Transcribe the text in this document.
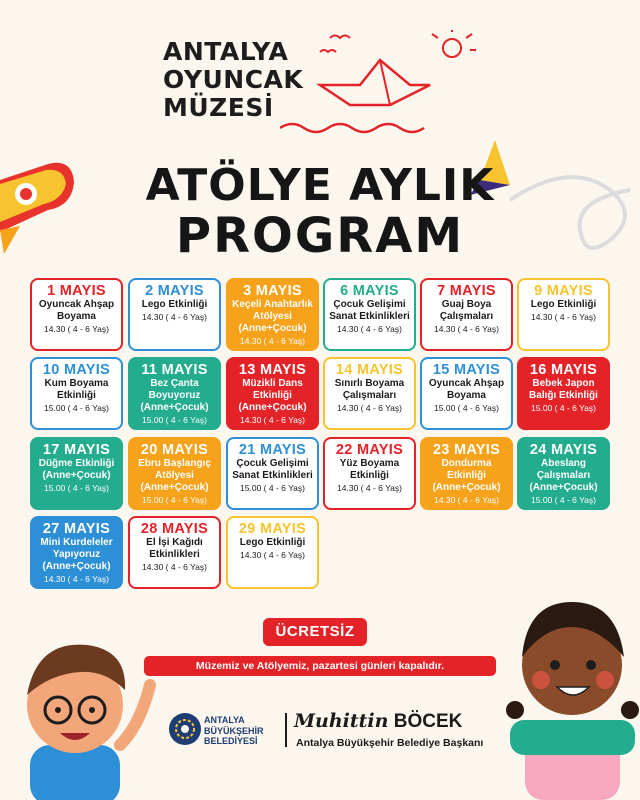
ANTALYA
OYUNCAK
MÜZESİ
ATÖLYE AYLIK
PROGRAM
1 MAYIS
Oyuncak Ahşap Boyama
14.30 ( 4 - 6 Yaş)
2 MAYIS
Lego Etkinliği
14.30 ( 4 - 6 Yaş)
3 MAYIS
Keçeli Anahtarlık Atölyesi (Anne+Çocuk)
14.30 ( 4 - 6 Yaş)
6 MAYIS
Çocuk Gelişimi Sanat Etkinlikleri
14.30 ( 4 - 6 Yaş)
7 MAYIS
Guaj Boya Çalışmaları
14.30 ( 4 - 6 Yaş)
9 MAYIS
Lego Etkinliği
14.30 ( 4 - 6 Yaş)
10 MAYIS
Kum Boyama Etkinliği
15.00 ( 4 - 6 Yaş)
11 MAYIS
Bez Çanta Boyuyoruz (Anne+Çocuk)
15.00 ( 4 - 6 Yaş)
13 MAYIS
Müzikli Dans Etkinliği (Anne+Çocuk)
14.30 ( 4 - 6 Yaş)
14 MAYIS
Sınırlı Boyama Çalışmaları
14.30 ( 4 - 6 Yaş)
15 MAYIS
Oyuncak Ahşap Boyama
15.00 ( 4 - 6 Yaş)
16 MAYIS
Bebek Japon Balığı Etkinliği
15.00 ( 4 - 6 Yaş)
17 MAYIS
Düğme Etkinliği (Anne+Çocuk)
15.00 ( 4 - 6 Yaş)
20 MAYIS
Ebru Başlangıç Atölyesi (Anne+Çocuk)
15.00 ( 4 - 6 Yaş)
21 MAYIS
Çocuk Gelişimi Sanat Etkinlikleri
15.00 ( 4 - 6 Yaş)
22 MAYIS
Yüz Boyama Etkinliği
14.30 ( 4 - 6 Yaş)
23 MAYIS
Dondurma Etkinliği (Anne+Çocuk)
14.30 ( 4 - 6 Yaş)
24 MAYIS
Abeslang Çalışmaları (Anne+Çocuk)
15.00 ( 4 - 6 Yaş)
27 MAYIS
Mini Kurdeleler Yapıyoruz (Anne+Çocuk)
14.30 ( 4 - 6 Yaş)
28 MAYIS
El İşi Kağıdı Etkinlikleri
14.30 ( 4 - 6 Yaş)
29 MAYIS
Lego Etkinliği
14.30 ( 4 - 6 Yaş)
ÜCRETSİZ
Müzemiz ve Atölyemiz, pazartesi günleri kapalıdır.
ANTALYA
BÜYÜKŞEHİR
BELEDİYESİ
Muhittin BÖCEK
Antalya Büyükşehir Belediye Başkanı
